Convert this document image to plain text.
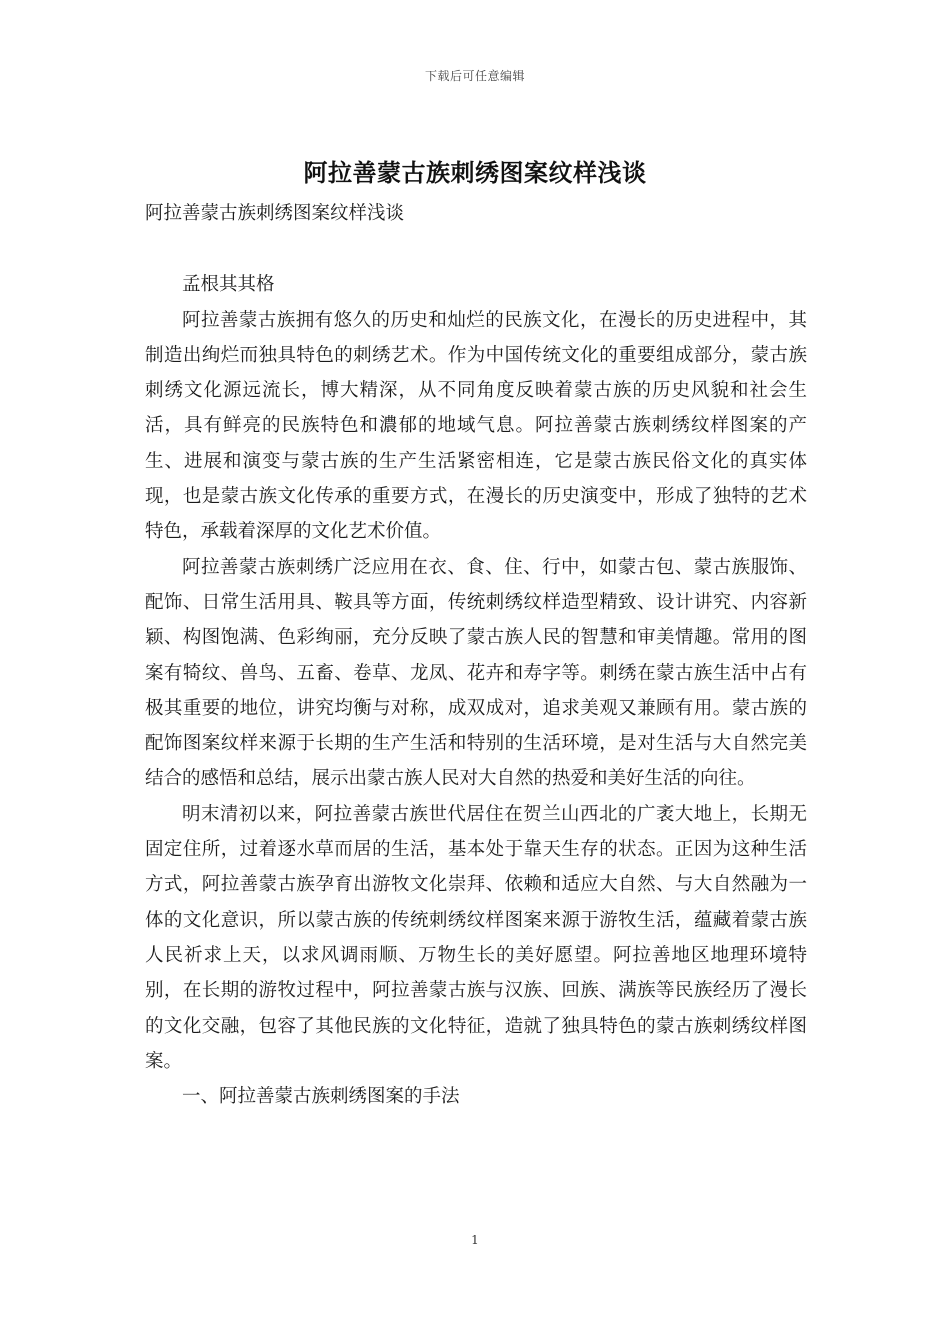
下载后可任意编辑
阿拉善蒙古族刺绣图案纹样浅谈

阿拉善蒙古族刺绣图案纹样浅谈

孟根其其格

阿拉善蒙古族拥有悠久的历史和灿烂的民族文化，在漫长的历史进程中，其制造出绚烂而独具特色的刺绣艺术。作为中国传统文化的重要组成部分，蒙古族刺绣文化源远流长，博大精深，从不同角度反映着蒙古族的历史风貌和社会生活，具有鲜亮的民族特色和濃郁的地域气息。阿拉善蒙古族刺绣纹样图案的产生、进展和演变与蒙古族的生产生活紧密相连，它是蒙古族民俗文化的真实体现，也是蒙古族文化传承的重要方式，在漫长的历史演变中，形成了独特的艺术特色，承载着深厚的文化艺术价值。

阿拉善蒙古族刺绣广泛应用在衣、食、住、行中，如蒙古包、蒙古族服饰、配饰、日常生活用具、鞍具等方面，传统刺绣纹样造型精致、设计讲究、内容新颖、构图饱满、色彩绚丽，充分反映了蒙古族人民的智慧和审美情趣。常用的图案有犄纹、兽鸟、五畜、卷草、龙凤、花卉和寿字等。刺绣在蒙古族生活中占有极其重要的地位，讲究均衡与对称，成双成对，追求美观又兼顾有用。蒙古族的配饰图案纹样来源于长期的生产生活和特别的生活环境，是对生活与大自然完美结合的感悟和总结，展示出蒙古族人民对大自然的热爱和美好生活的向往。

明末清初以来，阿拉善蒙古族世代居住在贺兰山西北的广袤大地上，长期无固定住所，过着逐水草而居的生活，基本处于靠天生存的状态。正因为这种生活方式，阿拉善蒙古族孕育出游牧文化崇拜、依赖和适应大自然、与大自然融为一体的文化意识，所以蒙古族的传统刺绣纹样图案来源于游牧生活，蕴藏着蒙古族人民祈求上天，以求风调雨顺、万物生长的美好愿望。阿拉善地区地理环境特别，在长期的游牧过程中，阿拉善蒙古族与汉族、回族、满族等民族经历了漫长的文化交融，包容了其他民族的文化特征，造就了独具特色的蒙古族刺绣纹样图案。

一、阿拉善蒙古族刺绣图案的手法

1
